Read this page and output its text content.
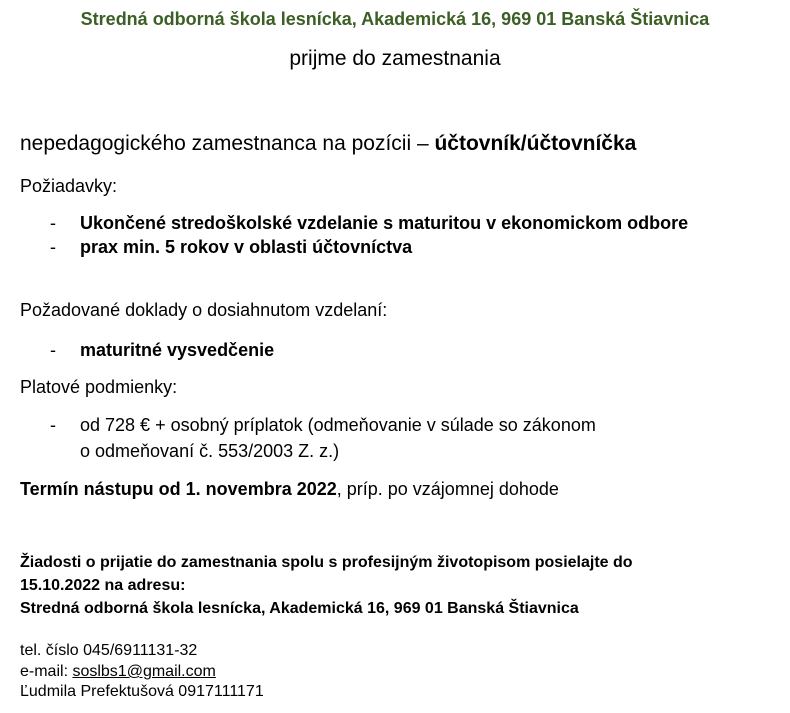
Stredná odborná škola lesnícka, Akademická 16, 969 01 Banská Štiavnica
prijme do zamestnania
nepedagogického zamestnanca na pozícii – účtovník/účtovníčka
Požiadavky:
- Ukončené stredoškolské vzdelanie s maturitou v ekonomickom odbore
- prax min. 5 rokov v oblasti účtovníctva
Požadované doklady o dosiahnutom vzdelaní:
- maturitné vysvedčenie
Platové podmienky:
- od 728 € + osobný príplatok (odmeňovanie v súlade so zákonom
o odmeňovaní č. 553/2003 Z. z.)
Termín nástupu od 1. novembra 2022, príp. po vzájomnej dohode
Žiadosti o prijatie do zamestnania spolu s profesijným životopisom posielajte do
15.10.2022 na adresu:
Stredná odborná škola lesnícka, Akademická 16, 969 01 Banská Štiavnica
tel. číslo 045/6911131-32
e-mail: soslbs1@gmail.com
Ľudmila Prefektušová 0917111171
